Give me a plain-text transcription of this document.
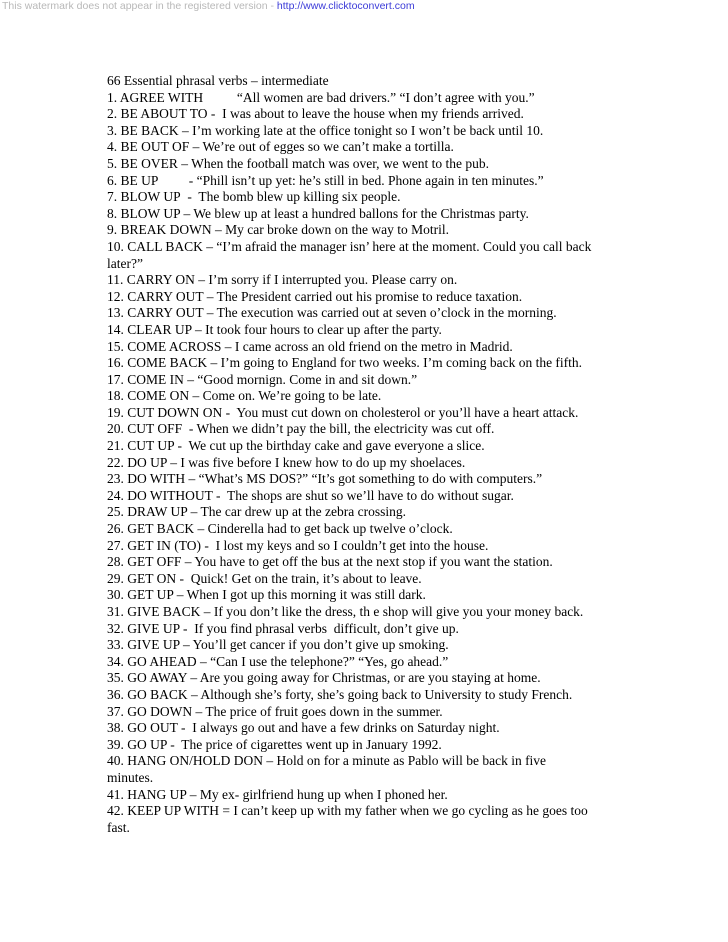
This watermark does not appear in the registered version - http://www.clicktoconvert.com
66 Essential phrasal verbs – intermediate
1. AGREE WITH          “All women are bad drivers.” “I don’t agree with you.”
2. BE ABOUT TO -  I was about to leave the house when my friends arrived.
3. BE BACK – I’m working late at the office tonight so I won’t be back until 10.
4. BE OUT OF – We’re out of egges so we can’t make a tortilla.
5. BE OVER – When the football match was over, we went to the pub.
6. BE UP         - “Phill isn’t up yet: he’s still in bed. Phone again in ten minutes.”
7. BLOW UP  -  The bomb blew up killing six people.
8. BLOW UP – We blew up at least a hundred ballons for the Christmas party.
9. BREAK DOWN – My car broke down on the way to Motril.
10. CALL BACK – “I’m afraid the manager isn’ here at the moment. Could you call back
later?”
11. CARRY ON – I’m sorry if I interrupted you. Please carry on.
12. CARRY OUT – The President carried out his promise to reduce taxation.
13. CARRY OUT – The execution was carried out at seven o’clock in the morning.
14. CLEAR UP – It took four hours to clear up after the party.
15. COME ACROSS – I came across an old friend on the metro in Madrid.
16. COME BACK – I’m going to England for two weeks. I’m coming back on the fifth.
17. COME IN – “Good mornign. Come in and sit down.”
18. COME ON – Come on. We’re going to be late.
19. CUT DOWN ON -  You must cut down on cholesterol or you’ll have a heart attack.
20. CUT OFF  - When we didn’t pay the bill, the electricity was cut off.
21. CUT UP -  We cut up the birthday cake and gave everyone a slice.
22. DO UP – I was five before I knew how to do up my shoelaces.
23. DO WITH – “What’s MS DOS?” “It’s got something to do with computers.”
24. DO WITHOUT -  The shops are shut so we’ll have to do without sugar.
25. DRAW UP – The car drew up at the zebra crossing.
26. GET BACK – Cinderella had to get back up twelve o’clock.
27. GET IN (TO) -  I lost my keys and so I couldn’t get into the house.
28. GET OFF – You have to get off the bus at the next stop if you want the station.
29. GET ON -  Quick! Get on the train, it’s about to leave.
30. GET UP – When I got up this morning it was still dark.
31. GIVE BACK – If you don’t like the dress, th e shop will give you your money back.
32. GIVE UP -  If you find phrasal verbs  difficult, don’t give up.
33. GIVE UP – You’ll get cancer if you don’t give up smoking.
34. GO AHEAD – “Can I use the telephone?” “Yes, go ahead.”
35. GO AWAY – Are you going away for Christmas, or are you staying at home.
36. GO BACK – Although she’s forty, she’s going back to University to study French.
37. GO DOWN – The price of fruit goes down in the summer.
38. GO OUT -  I always go out and have a few drinks on Saturday night.
39. GO UP -  The price of cigarettes went up in January 1992.
40. HANG ON/HOLD DON – Hold on for a minute as Pablo will be back in five
minutes.
41. HANG UP – My ex- girlfriend hung up when I phoned her.
42. KEEP UP WITH = I can’t keep up with my father when we go cycling as he goes too
fast.
